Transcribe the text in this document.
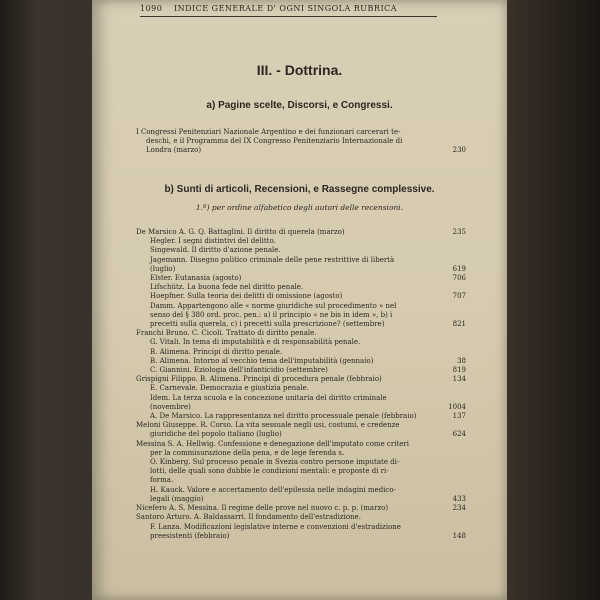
1090 INDICE GENERALE D' OGNI SINGOLA RUBRICA
III. - Dottrina.
a) Pagine scelte, Discorsi, e Congressi.
I Congressi Penitenziari Nazionale Argentino e dei funzionari carcerari te-
deschi, e il Programma del IX Congresso Penitenziario Internazionale di
Londra (marzo)	230
b) Sunti di articoli, Recensioni, e Rassegne complessive.
1.º) per ordine alfabetico degli autori delle recensioni.
De Marsico A. G. Q. Battaglini. Il diritto di querela (marzo)	235
Hegler. I segni distintivi del delitto.
Singewald. Il diritto d'azione penale.
Jagemann. Disegno politico criminale delle pene restrittive di libertà
(luglio)	619
Elster. Eutanasia (agosto)	706
Lifschütz. La buona fede nel diritto penale.
Hoepfner. Sulla teoria dei delitti di omissione (agosto)	707
Damm. Appartengono alle « norme giuridiche sul procedimento » nel
senso del § 380 ord. proc. pen.: a) il principio « ne bis in idem », b) i
precetti sulla querela, c) i precetti sulla prescrizione? (settembre)	821
Franchi Bruno. C. Cicoli. Trattato di diritto penale.
G. Vitali. In tema di imputabilità e di responsabilità penale.
B. Alimena. Principi di diritto penale.
B. Alimena. Intorno al vecchio tema dell'imputabilità (gennaio)	38
C. Giannini. Eziologia dell'infanticidio (settembre)	819
Grispigni Filippo. B. Alimena. Principi di procedura penale (febbraio)	134
E. Carnevale. Democrazia e giustizia penale.
Idem. La terza scuola e la concezione unitaria del diritto criminale
(novembre)	1004
A. De Marsico. La rappresentanza nel diritto processuale penale (febbraio)	137
Meloni Giuseppe. R. Corso. La vita sessuale negli usi, costumi, e credenze
giuridiche del popolo italiano (luglio)	624
Messina S. A. Hellwig. Confessione e denegazione dell'imputato come criteri
per la commisurazione della pena, e de lege ferenda s.
O. Kinberg. Sul processo penale in Svezia contro persone imputate di-
lotti, delle quali sono dubbie le condizioni mentali: e proposte di ri-
forma.
H. Kauck. Valore e accertamento dell'epilessia nelle indagini medico-
legali (maggio)	433
Nicefero A. S. Messina. Il regime delle prove nel nuovo c. p. p. (marzo)	234
Santoro Arturo. A. Baldassarri. Il fondamento dell'estradizione.
F. Lanza. Modificazioni legislative interne e convenzioni d'estradizione
preesistenti (febbraio)	148
